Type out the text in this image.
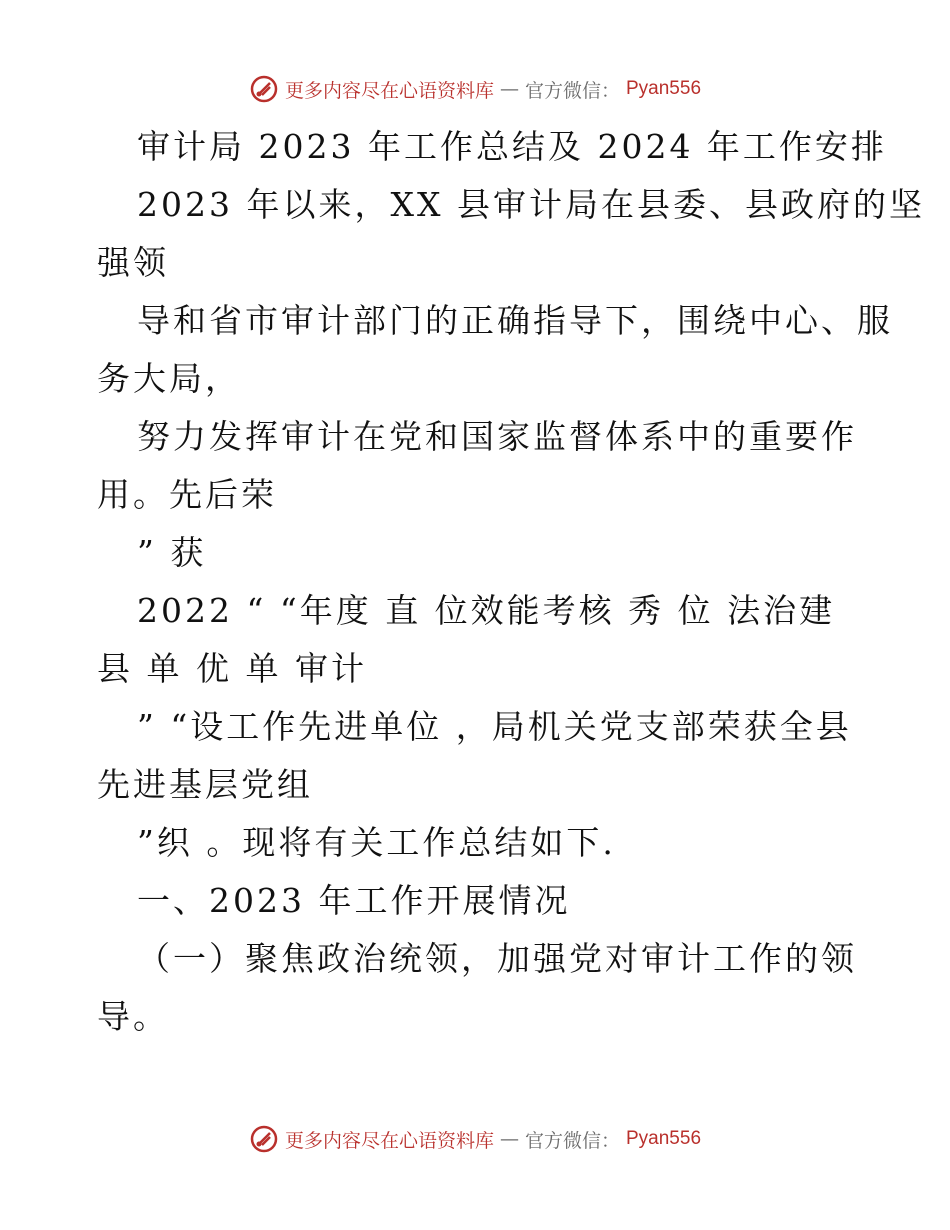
更多内容尽在心语资料库 — 官方微信： Pyan556

审计局 2023 年工作总结及 2024 年工作安排

2023 年以来，XX 县审计局在县委、县政府的坚

强领

导和省市审计部门的正确指导下，围绕中心、服

务大局，

努力发挥审计在党和国家监督体系中的重要作

用。先后荣

” 获

2022 “ “年度 直 位效能考核 秀 位 法治建

县 单 优 单 审计

” “设工作先进单位 ，局机关党支部荣获全县

先进基层党组

”织 。现将有关工作总结如下.

一、2023 年工作开展情况

（一）聚焦政治统领，加强党对审计工作的领

导。

更多内容尽在心语资料库 — 官方微信： Pyan556
